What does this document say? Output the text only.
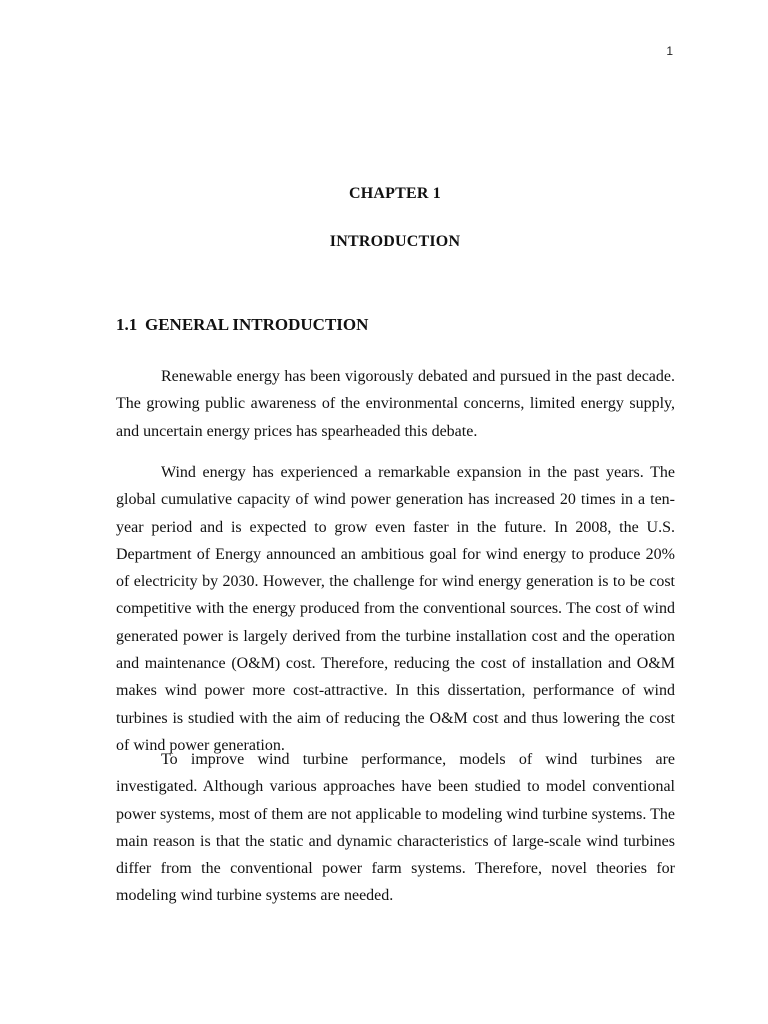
1
CHAPTER 1
INTRODUCTION
1.1 GENERAL INTRODUCTION

Renewable energy has been vigorously debated and pursued in the past decade. The growing public awareness of the environmental concerns, limited energy supply, and uncertain energy prices has spearheaded this debate.

Wind energy has experienced a remarkable expansion in the past years. The global cumulative capacity of wind power generation has increased 20 times in a ten-year period and is expected to grow even faster in the future. In 2008, the U.S. Department of Energy announced an ambitious goal for wind energy to produce 20% of electricity by 2030. However, the challenge for wind energy generation is to be cost competitive with the energy produced from the conventional sources. The cost of wind generated power is largely derived from the turbine installation cost and the operation and maintenance (O&M) cost. Therefore, reducing the cost of installation and O&M makes wind power more cost-attractive. In this dissertation, performance of wind turbines is studied with the aim of reducing the O&M cost and thus lowering the cost of wind power generation.

To improve wind turbine performance, models of wind turbines are investigated. Although various approaches have been studied to model conventional power systems, most of them are not applicable to modeling wind turbine systems. The main reason is that the static and dynamic characteristics of large-scale wind turbines differ from the conventional power farm systems. Therefore, novel theories for modeling wind turbine systems are needed.
